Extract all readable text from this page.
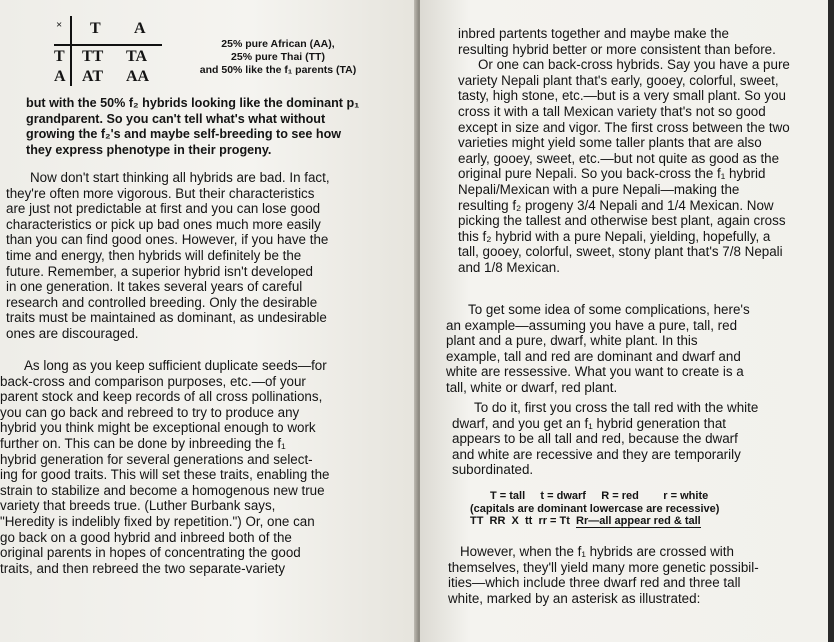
× T A
T
A
TT TA
AT AA
25% pure African (AA),
25% pure Thai (TT)
and 50% like the f₁ parents (TA)
but with the 50% f₂ hybrids looking like the dominant p₁
grandparent. So you can't tell what's what without
growing the f₂'s and maybe self-breeding to see how
they express phenotype in their progeny.
Now don't start thinking all hybrids are bad. In fact,
they're often more vigorous. But their characteristics
are just not predictable at first and you can lose good
characteristics or pick up bad ones much more easily
than you can find good ones. However, if you have the
time and energy, then hybrids will definitely be the
future. Remember, a superior hybrid isn't developed
in one generation. It takes several years of careful
research and controlled breeding. Only the desirable
traits must be maintained as dominant, as undesirable
ones are discouraged.
As long as you keep sufficient duplicate seeds—for
back-cross and comparison purposes, etc.—of your
parent stock and keep records of all cross pollinations,
you can go back and rebreed to try to produce any
hybrid you think might be exceptional enough to work
further on. This can be done by inbreeding the f₁
hybrid generation for several generations and select-
ing for good traits. This will set these traits, enabling the
strain to stabilize and become a homogenous new true
variety that breeds true. (Luther Burbank says,
"Heredity is indelibly fixed by repetition.") Or, one can
go back on a good hybrid and inbreed both of the
original parents in hopes of concentrating the good
traits, and then rebreed the two separate-variety
inbred partents together and maybe make the
resulting hybrid better or more consistent than before.
Or one can back-cross hybrids. Say you have a pure
variety Nepali plant that's early, gooey, colorful, sweet,
tasty, high stone, etc.—but is a very small plant. So you
cross it with a tall Mexican variety that's not so good
except in size and vigor. The first cross between the two
varieties might yield some taller plants that are also
early, gooey, sweet, etc.—but not quite as good as the
original pure Nepali. So you back-cross the f₁ hybrid
Nepali/Mexican with a pure Nepali—making the
resulting f₂ progeny 3/4 Nepali and 1/4 Mexican. Now
picking the tallest and otherwise best plant, again cross
this f₂ hybrid with a pure Nepali, yielding, hopefully, a
tall, gooey, colorful, sweet, stony plant that's 7/8 Nepali
and 1/8 Mexican.
To get some idea of some complications, here's
an example—assuming you have a pure, tall, red
plant and a pure, dwarf, white plant. In this
example, tall and red are dominant and dwarf and
white are ressessive. What you want to create is a
tall, white or dwarf, red plant.
To do it, first you cross the tall red with the white
dwarf, and you get an f₁ hybrid generation that
appears to be all tall and red, because the dwarf
and white are recessive and they are temporarily
subordinated.
However, when the f₁ hybrids are crossed with
themselves, they'll yield many more genetic possibil-
ities—which include three dwarf red and three tall
white, marked by an asterisk as illustrated:
T = tall     t = dwarf     R = red        r = white
(capitals are dominant lowercase are recessive)
TT  RR  X  tt  rr = Tt  Rr—all appear red & tall
